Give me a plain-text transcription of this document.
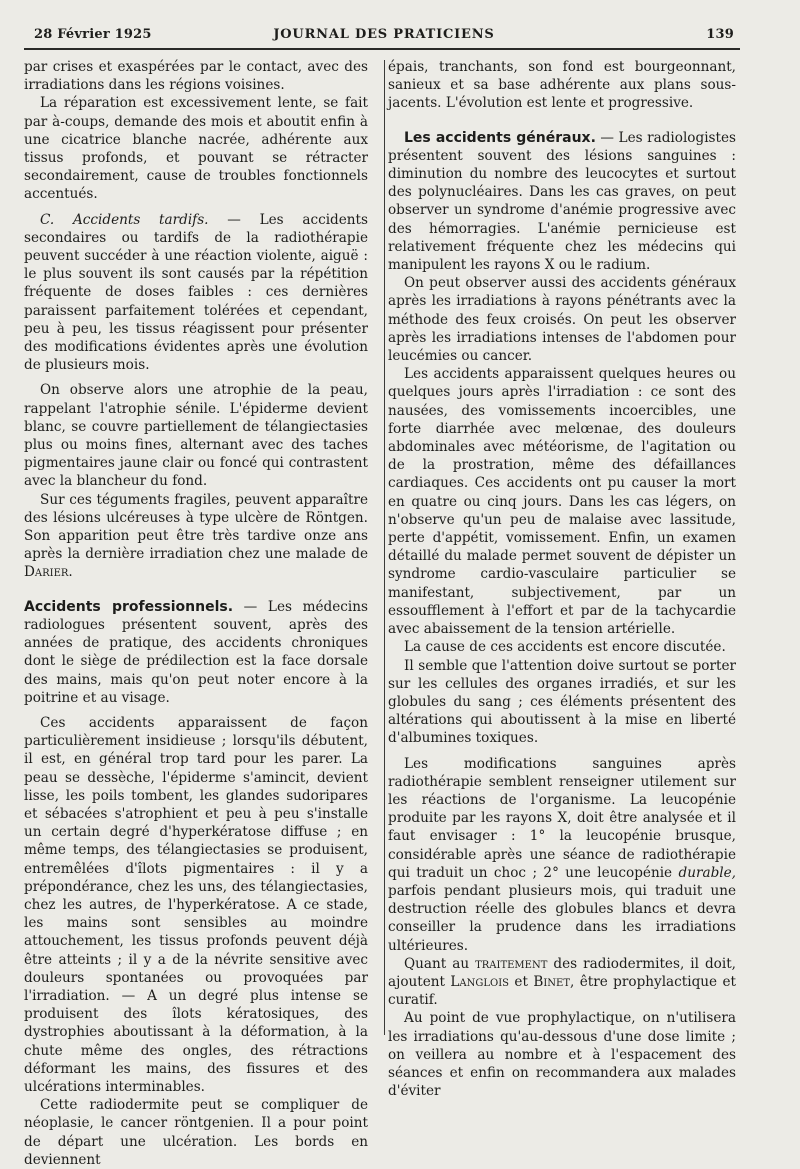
28 Février 1925	JOURNAL DES PRATICIENS	139

par crises et exaspérées par le contact, avec des irradiations dans les régions voisines.

La réparation est excessivement lente, se fait par à-coups, demande des mois et aboutit enfin à une cicatrice blanche nacrée, adhérente aux tissus profonds, et pouvant se rétracter secondairement, cause de troubles fonctionnels accentués.

C. Accidents tardifs. — Les accidents secondaires ou tardifs de la radiothérapie peuvent succéder à une réaction violente, aiguë : le plus souvent ils sont causés par la répétition fréquente de doses faibles : ces dernières paraissent parfaitement tolérées et cependant, peu à peu, les tissus réagissent pour présenter des modifications évidentes après une évolution de plusieurs mois.

On observe alors une atrophie de la peau, rappelant l'atrophie sénile. L'épiderme devient blanc, se couvre partiellement de télangiectasies plus ou moins fines, alternant avec des taches pigmentaires jaune clair ou foncé qui contrastent avec la blancheur du fond.

Sur ces téguments fragiles, peuvent apparaître des lésions ulcéreuses à type ulcère de Röntgen. Son apparition peut être très tardive onze ans après la dernière irradiation chez une malade de Darier.

Accidents professionnels. — Les médecins radiologues présentent souvent, après des années de pratique, des accidents chroniques dont le siège de prédilection est la face dorsale des mains, mais qu'on peut noter encore à la poitrine et au visage.

Ces accidents apparaissent de façon particulièrement insidieuse ; lorsqu'ils débutent, il est, en général trop tard pour les parer. La peau se dessèche, l'épiderme s'amincit, devient lisse, les poils tombent, les glandes sudoripares et sébacées s'atrophient et peu à peu s'installe un certain degré d'hyperkératose diffuse ; en même temps, des télangiectasies se produisent, entremêlées d'îlots pigmentaires : il y a prépondérance, chez les uns, des télangiectasies, chez les autres, de l'hyperkératose. A ce stade, les mains sont sensibles au moindre attouchement, les tissus profonds peuvent déjà être atteints ; il y a de la névrite sensitive avec douleurs spontanées ou provoquées par l'irradiation. — A un degré plus intense se produisent des îlots kératosiques, des dystrophies aboutissant à la déformation, à la chute même des ongles, des rétractions déformant les mains, des fissures et des ulcérations interminables.

Cette radiodermite peut se compliquer de néoplasie, le cancer röntgenien. Il a pour point de départ une ulcération. Les bords en deviennent

épais, tranchants, son fond est bourgeonnant, sanieux et sa base adhérente aux plans sous-jacents. L'évolution est lente et progressive.

Les accidents généraux. — Les radiologistes présentent souvent des lésions sanguines : diminution du nombre des leucocytes et surtout des polynucléaires. Dans les cas graves, on peut observer un syndrome d'anémie progressive avec des hémorragies. L'anémie pernicieuse est relativement fréquente chez les médecins qui manipulent les rayons X ou le radium.

On peut observer aussi des accidents généraux après les irradiations à rayons pénétrants avec la méthode des feux croisés. On peut les observer après les irradiations intenses de l'abdomen pour leucémies ou cancer.

Les accidents apparaissent quelques heures ou quelques jours après l'irradiation : ce sont des nausées, des vomissements incoercibles, une forte diarrhée avec melœnae, des douleurs abdominales avec météorisme, de l'agitation ou de la prostration, même des défaillances cardiaques. Ces accidents ont pu causer la mort en quatre ou cinq jours. Dans les cas légers, on n'observe qu'un peu de malaise avec lassitude, perte d'appétit, vomissement. Enfin, un examen détaillé du malade permet souvent de dépister un syndrome cardio-vasculaire particulier se manifestant, subjectivement, par un essoufflement à l'effort et par de la tachycardie avec abaissement de la tension artérielle.

La cause de ces accidents est encore discutée.

Il semble que l'attention doive surtout se porter sur les cellules des organes irradiés, et sur les globules du sang ; ces éléments présentent des altérations qui aboutissent à la mise en liberté d'albumines toxiques.

Les modifications sanguines après radiothérapie semblent renseigner utilement sur les réactions de l'organisme. La leucopénie produite par les rayons X, doit être analysée et il faut envisager : 1° la leucopénie brusque, considérable après une séance de radiothérapie qui traduit un choc ; 2° une leucopénie durable, parfois pendant plusieurs mois, qui traduit une destruction réelle des globules blancs et devra conseiller la prudence dans les irradiations ultérieures.

Quant au traitement des radiodermites, il doit, ajoutent Langlois et Binet, être prophylactique et curatif.

Au point de vue prophylactique, on n'utilisera les irradiations qu'au-dessous d'une dose limite ; on veillera au nombre et à l'espacement des séances et enfin on recommandera aux malades d'éviter
